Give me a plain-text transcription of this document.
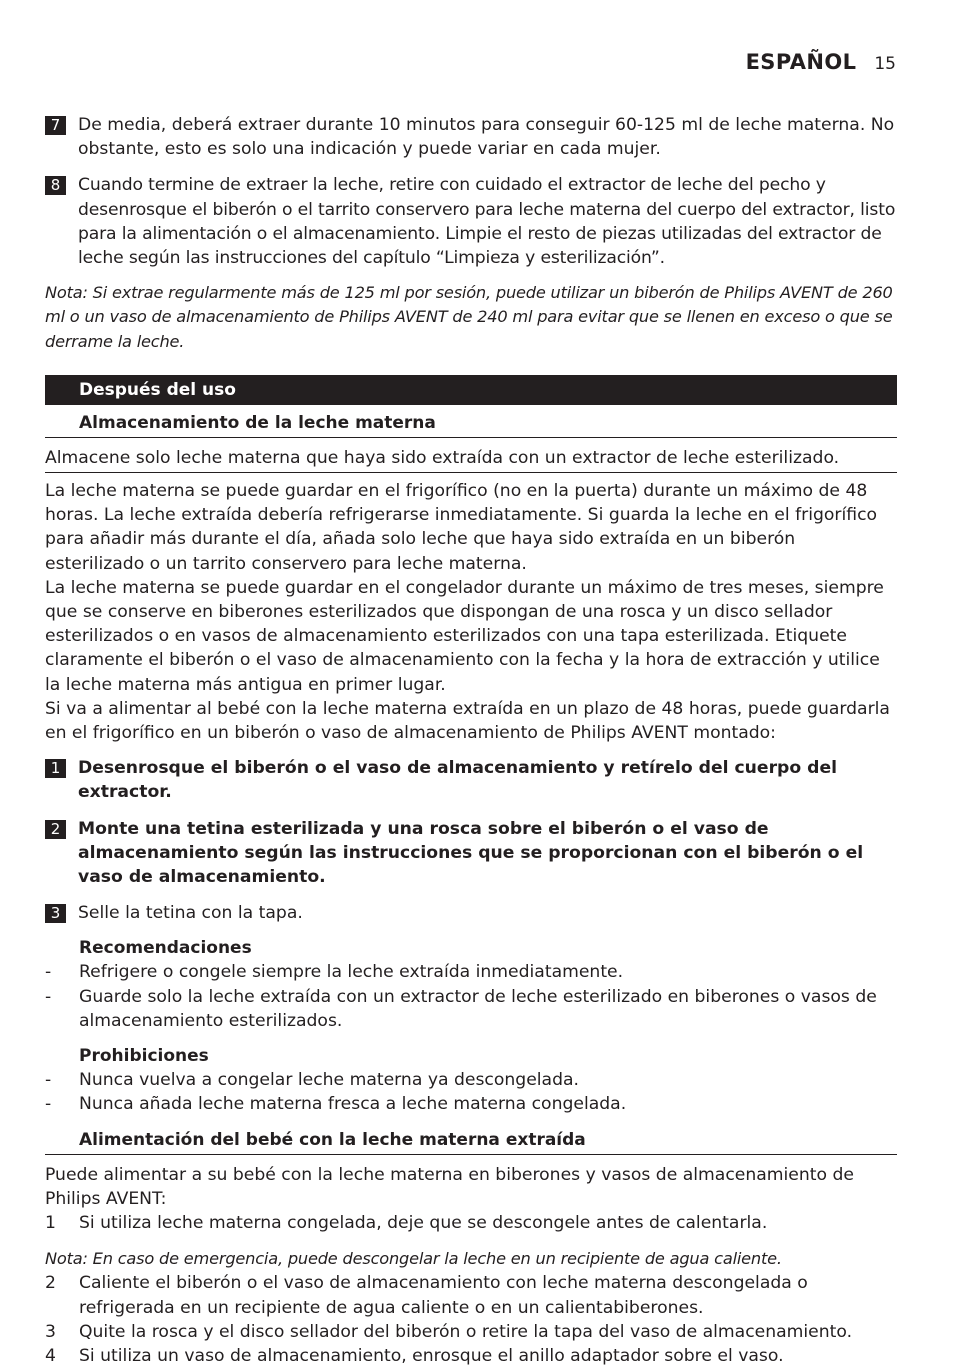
ESPAÑOL 15
7	De media, deberá extraer durante 10 minutos para conseguir 60-125 ml de leche materna. No obstante, esto es solo una indicación y puede variar en cada mujer.
8	Cuando termine de extraer la leche, retire con cuidado el extractor de leche del pecho y desenrosque el biberón o el tarrito conservero para leche materna del cuerpo del extractor, listo para la alimentación o el almacenamiento. Limpie el resto de piezas utilizadas del extractor de leche según las instrucciones del capítulo “Limpieza y esterilización”.
Nota: Si extrae regularmente más de 125 ml por sesión, puede utilizar un biberón de Philips AVENT de 260 ml o un vaso de almacenamiento de Philips AVENT de 240 ml para evitar que se llenen en exceso o que se derrame la leche.
Después del uso
Almacenamiento de la leche materna
Almacene solo leche materna que haya sido extraída con un extractor de leche esterilizado.
La leche materna se puede guardar en el frigorífico (no en la puerta) durante un máximo de 48 horas. La leche extraída debería refrigerarse inmediatamente. Si guarda la leche en el frigorífico para añadir más durante el día, añada solo leche que haya sido extraída en un biberón esterilizado o un tarrito conservero para leche materna.
La leche materna se puede guardar en el congelador durante un máximo de tres meses, siempre que se conserve en biberones esterilizados que dispongan de una rosca y un disco sellador esterilizados o en vasos de almacenamiento esterilizados con una tapa esterilizada. Etiquete claramente el biberón o el vaso de almacenamiento con la fecha y la hora de extracción y utilice la leche materna más antigua en primer lugar.
Si va a alimentar al bebé con la leche materna extraída en un plazo de 48 horas, puede guardarla en el frigorífico en un biberón o vaso de almacenamiento de Philips AVENT montado:
1	Desenrosque el biberón o el vaso de almacenamiento y retírelo del cuerpo del extractor.
2	Monte una tetina esterilizada y una rosca sobre el biberón o el vaso de almacenamiento según las instrucciones que se proporcionan con el biberón o el vaso de almacenamiento.
3	Selle la tetina con la tapa.
Recomendaciones
-	Refrigere o congele siempre la leche extraída inmediatamente.
-	Guarde solo la leche extraída con un extractor de leche esterilizado en biberones o vasos de almacenamiento esterilizados.
Prohibiciones
-	Nunca vuelva a congelar leche materna ya descongelada.
-	Nunca añada leche materna fresca a leche materna congelada.
Alimentación del bebé con la leche materna extraída
Puede alimentar a su bebé con la leche materna en biberones y vasos de almacenamiento de Philips AVENT:
1	Si utiliza leche materna congelada, deje que se descongele antes de calentarla.
Nota: En caso de emergencia, puede descongelar la leche en un recipiente de agua caliente.
2	Caliente el biberón o el vaso de almacenamiento con leche materna descongelada o refrigerada en un recipiente de agua caliente o en un calientabiberones.
3	Quite la rosca y el disco sellador del biberón o retire la tapa del vaso de almacenamiento.
4	Si utiliza un vaso de almacenamiento, enrosque el anillo adaptador sobre el vaso.
